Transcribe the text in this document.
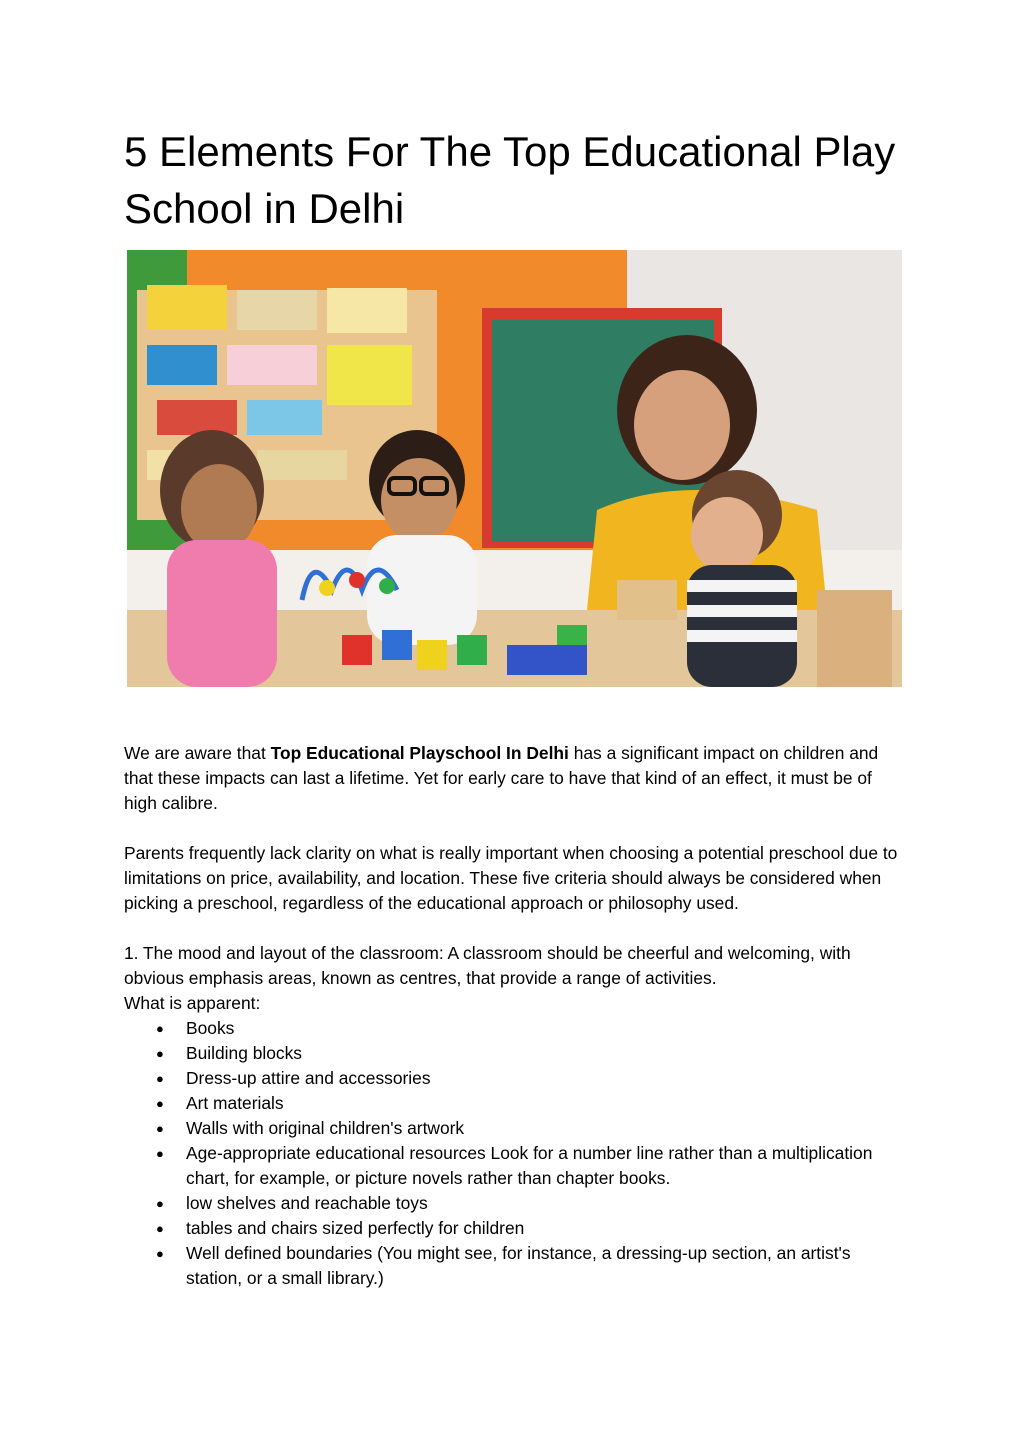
5 Elements For The Top Educational Play School in Delhi

We are aware that Top Educational Playschool In Delhi has a significant impact on children and that these impacts can last a lifetime. Yet for early care to have that kind of an effect, it must be of high calibre.

Parents frequently lack clarity on what is really important when choosing a potential preschool due to limitations on price, availability, and location. These five criteria should always be considered when picking a preschool, regardless of the educational approach or philosophy used.

1. The mood and layout of the classroom: A classroom should be cheerful and welcoming, with obvious emphasis areas, known as centres, that provide a range of activities.

What is apparent:

● Books
● Building blocks
● Dress-up attire and accessories
● Art materials
● Walls with original children's artwork
● Age-appropriate educational resources Look for a number line rather than a multiplication chart, for example, or picture novels rather than chapter books.
● low shelves and reachable toys
● tables and chairs sized perfectly for children
● Well defined boundaries (You might see, for instance, a dressing-up section, an artist's station, or a small library.)
